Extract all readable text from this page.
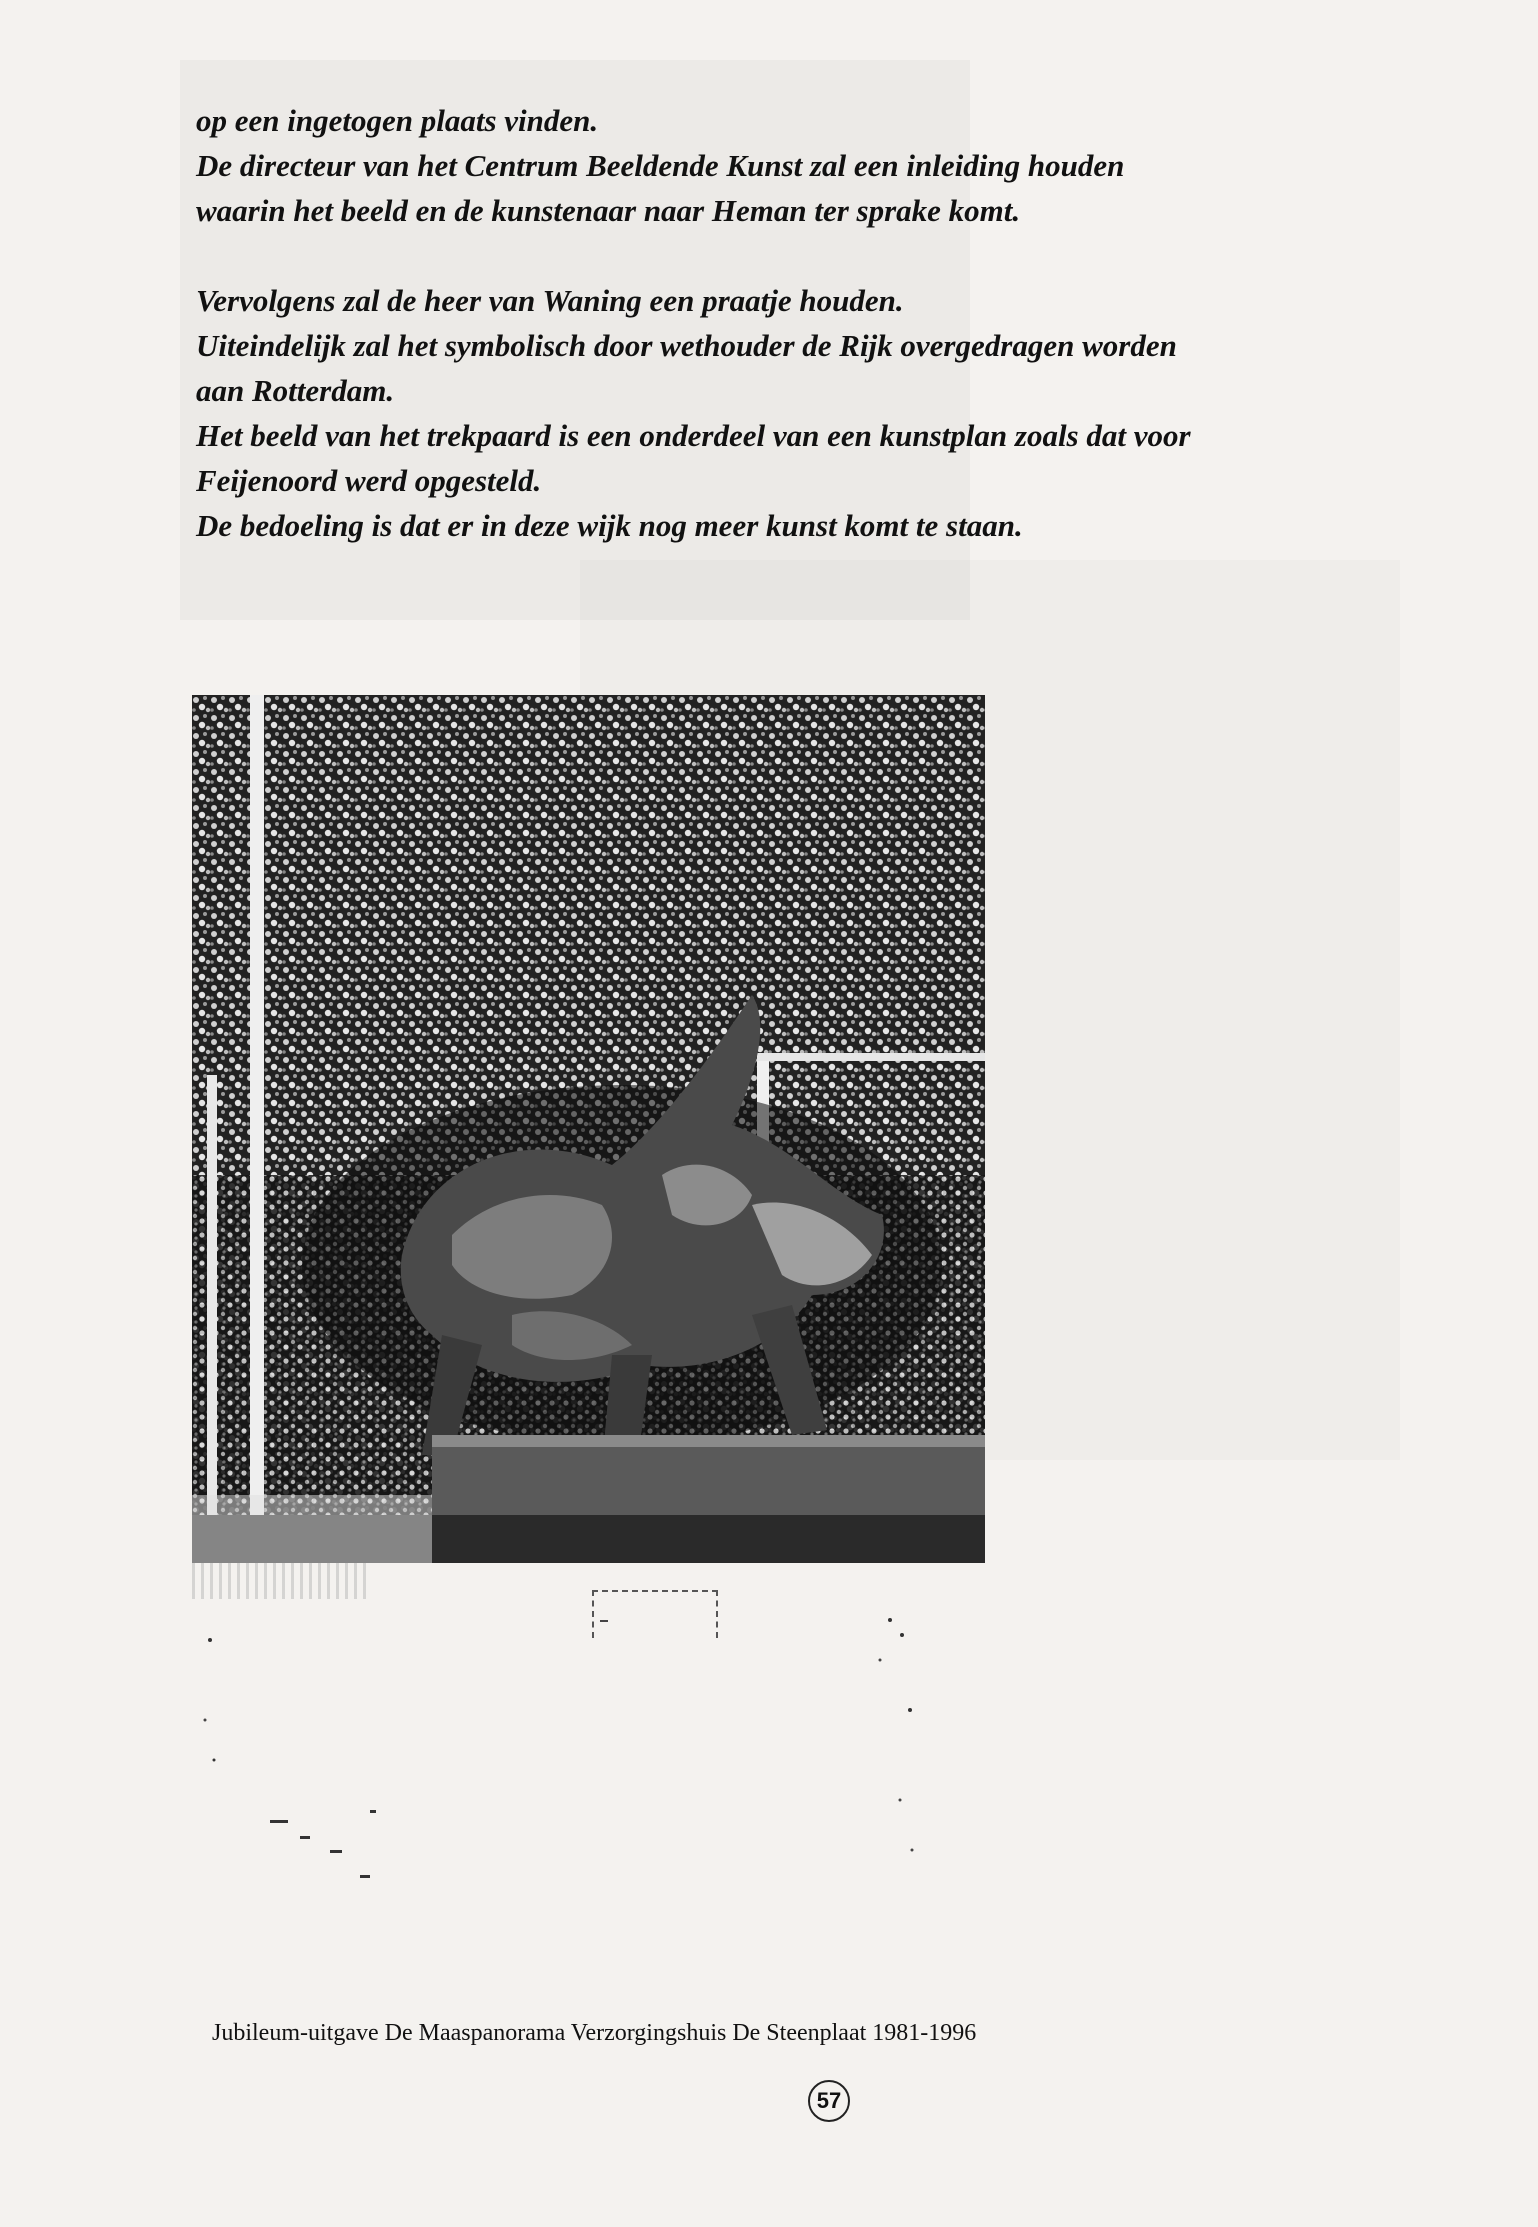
op een ingetogen plaats vinden.

De directeur van het Centrum Beeldende Kunst zal een inleiding houden

waarin het beeld en de kunstenaar naar Heman ter sprake komt.

Vervolgens zal de heer van Waning een praatje houden.

Uiteindelijk zal het symbolisch door wethouder de Rijk overgedragen worden

aan Rotterdam.

Het beeld van het trekpaard is een onderdeel van een kunstplan zoals dat voor

Feijenoord werd opgesteld.

De bedoeling is dat er in deze wijk nog meer kunst komt te staan.

Jubileum-uitgave De Maaspanorama Verzorgingshuis De Steenplaat 1981-1996
57
